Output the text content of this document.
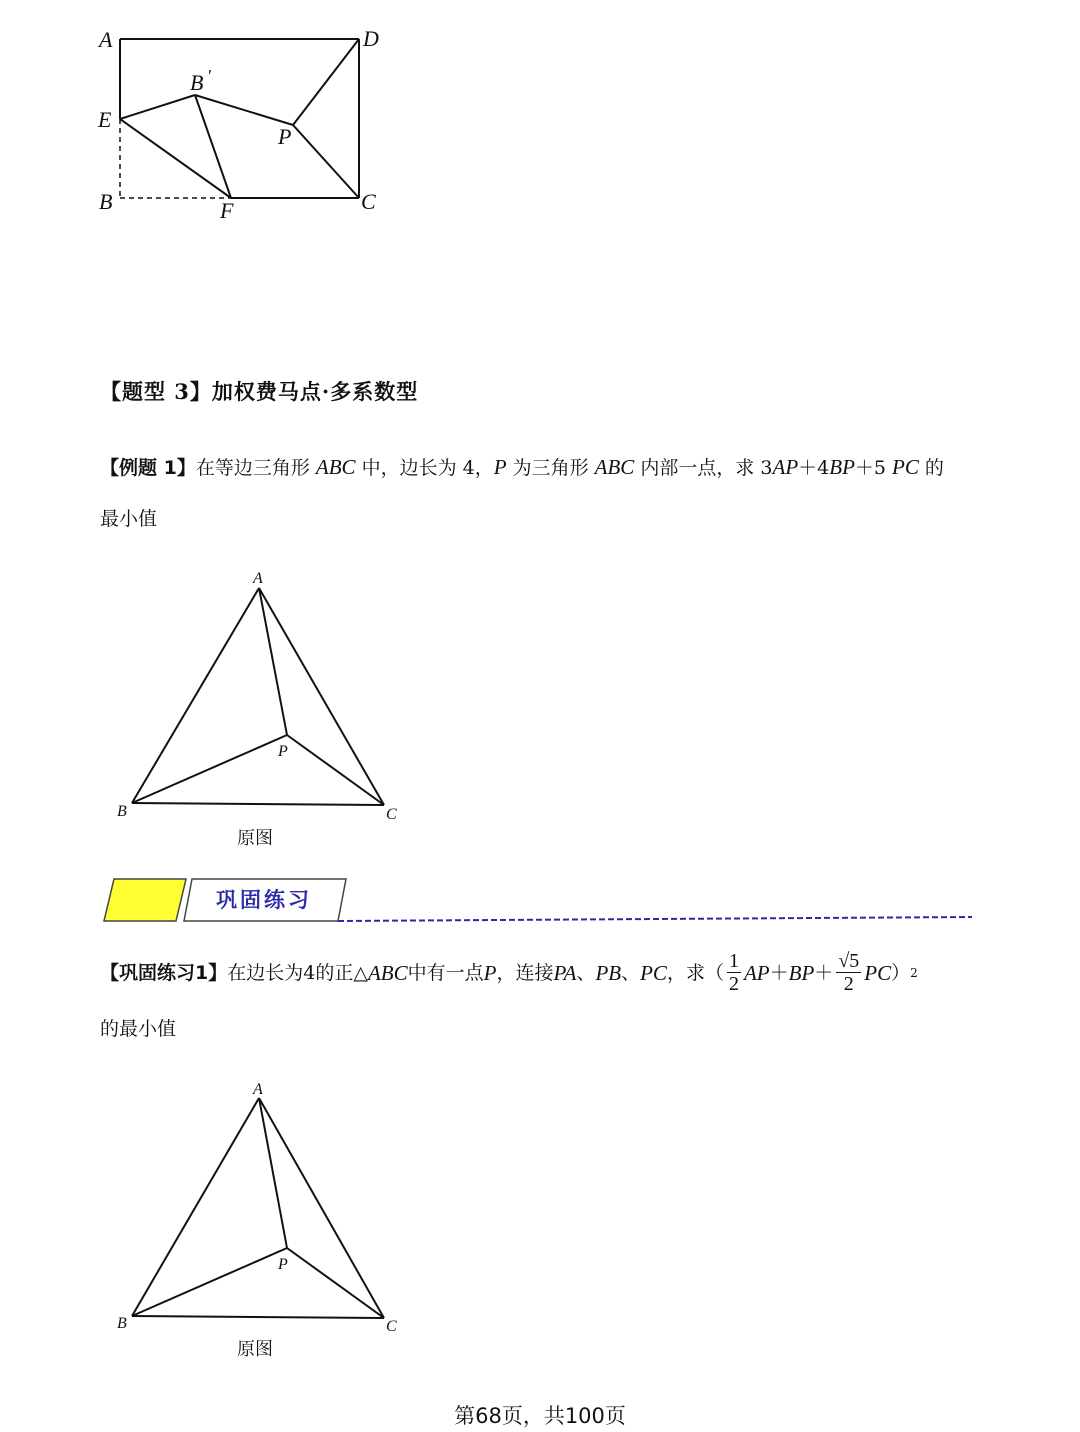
A	D
B ′
E
P
B	F	C
【题型 3】加权费马点·多系数型
【例题 1】在等边三角形 ABC 中，边长为 4，P 为三角形 ABC 内部一点，求 3AP＋4BP＋5 PC 的
最小值
A
P
B	C
原图
巩固练习
【巩固练习1】 在边长为4的正△ ABC 中有一点 P ，连接 PA 、 PB 、 PC ，求（ $\frac{1}{2}$ AP ＋ BP ＋ $\frac{√5}{2}$ PC ） 2
的最小值
A
P
B	C
原图
第68页，共100页
